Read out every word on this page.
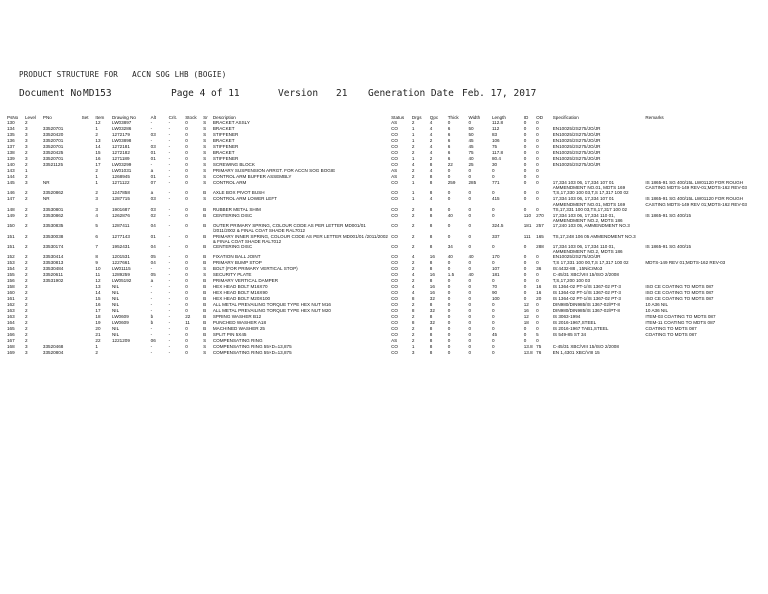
PRODUCT STRUCTURE FOR   ACCN SOG LHB (BOGIE)
Document No MD153	Page 4 of 11	Version 21 Generation Date Feb. 17, 2017
PsNo	Level	PNo	Set	Item	Drawing No	Alt	Crit.	Stock	Sr	Description	Status	Drgs	Qpc	Thick	Width	Length	ID	OD	Specification	Remarks
130	2			12	LW03897	-	-	0	S	BRACKET ASSLY	AS	2	4	0	0	112.8	0	0		
134	3	33520701		1	LW03286	-	-	0	S	BRACKET	CO	1	4	6	50	112	0	0	EN10025/2S275/JO/JR	
135	3	33520420		2	1272179	03	-	0	S	STIFFENER	CO	1	4	6	50	83	0	0	EN10025/2S275/JO/JR	
136	3	33520701		13	LW03898	-	-	0	S	BRACKET	CO	1	2	6	45	106	0	0	EN10025/2S275/JO/JR	
137	3	33520701		14	1272181	03	-	0	S	STIFFENER	CO	2	4	6	45	75	0	0	EN10025/2S275/JO/JR	
138	2	33520425		15	1272182	01	-	0	S	BRACKET	CO	2	4	6	75	117.8	0	0	EN10025/2S275/JO/JR	
139	3	33520701		16	1271189	01	-	0	S	STIFFENER	CO	1	2	6	40	80.4	0	0	EN10025/2S275/JO/JR	
140	2	33521125		17	LW03299	-	-	0	S	SCREWING BLOCK	CO	4	8	22	25	30	0	0	EN10025/2S275/JO/JR	
143	1			2	LW01031	a	-	0	S	PRIMARY SUSPENSION ARRGT. FOR ACCN SOG BOGIE	AS	2	4	0	0	0	0	0		
144	2			1	1268945	01	-	0	S	CONTROL ARM BUFFER ASSEMBLY	AS	2	8	0	0	0	0	0		
145	3	NR		1	1271122	07	-	0	S	CONTROL ARM	CO	1	8	259	285	771	0	0	17,334 103 06, 17,334 107 01 AMMENDMENT NO.01, MDTS 169	IS 1865-91 SG 400/15L LW01120 FOR ROUGH CASTING MDTS-149 REV-01;MDTS-162 REV-03
146	2	33520862		2	1247858	a	-	0	B	AXLE BOX PIVOT BUSH	CO	1	8	0	0	0	0	0	T,S,17,330 100 03,T,S 17,317 100 02	
147	2	NR		3	1287715	03	-	0	S	CONTROL ARM LOWER LEFT	CO	1	4	0	0	415	0	0	17,334 103 06, 17,334 107 01 AMMENDMENT NO.01, MDTS 169	IS 1865-91 SG 400/15L LW01120 FOR ROUGH CASTING MDTS-149 REV 01;MDTS-162 REV-03
148	2	33530801		3	1901687	03	-	0	B	RUBBER METAL SHIM	CO	2	8	0	0	0	0	0	TS,17,331 100 03,TS,17,317 100 02	
149	2	33530862		4	1262876	02	-	0	B	CENTERING DISC	CO	2	8	40	0	0	110	270	17,334 103 06, 17,334 110 01, AMMENDMENT NO.2, MDTS 186	IS 1865-91 SG 400/15
150	2	33530835		5	1287411	04	-	0	B	OUTER PRIMARY SPRING, COLOUR CODE AS PER LETTER MD001/01 /2011/2002 & FINAL COAT SHADE RAL7012	CO	2	8	0	0	324.5	181	257	17,240 103 05, AMMENDMENT NO.3	
151	2	33530038		6	1277143	01	-	0	B	PRIMARY INNER SPRING, COLOUR CODE AS PER LETTER MD001/01 /2011/2002 & FINAL COAT SHADE RAL7012	CO	2	8	0	0	337	111	165	TS,17,248 106 05 AMMENDMENT NO.3	
151	2	33530174		7	1952431	04	-	0	B	CENTERING DISC	CO	2	8	34	0	0	0	288	17,334 103 06, 17,334 110 01, AMMENDMENT NO.2, MDTS 186	IS 1865-91 SG 400/15
152	2	33530414		8	1201531	05	-	0	B	FIXATION BALL JOINT	CO	4	16	40	40	170	0	0	EN10025/2S275/JO/JR	
153	2	33530813		9	1227661	04	-	0	B	PRIMARY BUMP STOP	CO	2	8	0	0	0	0	0	T,S 17,331 100 00,T,S 17,317 100 02	MDTS-149 REV 01;MDTS-162 REV-03
154	2	33530484		10	LW01115	-	-	0	S	BOLT (FOR PRIMARY VERTICAL STOP)	CO	2	8	0	0	107	0	36	IS:4432-88 , 15NiCrMo3	
155	2	33520611		11	1289259	05	-	0	S	SECURITY PLATE	CO	4	16	1.5	40	181	0	0	C-45/31 XBC/VIII 15/ISO 2/2008	
156	2	33531902		12	LW05192	a	-	0	B	PRIMARY VERTICAL DAMPER	CO	2	8	0	0	0	0	0	T,S,17,200 100 03	
158	2			13	NIL	-	-	0	B	HEX HEAD BOLT M16X70	CO	4	16	0	0	70	0	16	IS 1364-02 PT-1/IS 1367-02 PT-3	ISO CE COATING TO MDTS 087
160	2			14	NIL	-	-	0	B	HEX HEAD BOLT M16X90	CO	4	16	0	0	90	0	16	IS 1364-02 PT-1/IS 1367-02 PT-3	ISO CE COATING TO MDTS 087
161	2			15	NIL	-	-	0	B	HEX HEAD BOLT M20X100	CO	8	32	0	0	100	0	20	IS 1364-02 PT-1/IS 1367-02 PT-3	ISO CE COATING TO MDTS 087
162	2			16	NIL	-	-	0	B	ALL METAL PREVAILING TORQUE TYPE HEX NUT M16	CO	2	8	0	0	0	12	0	DIN980/DIN985/IS 1367-02/PT-8	10 A36 NIL
163	2			17	NIL	-	-	0	B	ALL METAL PREVAILING TORQUE TYPE HEX NUT M20	CO	8	32	0	0	0	16	0	DIN980/DIN985/IS 1367-02/PT-8	10 A36 NIL
163	2			18	LW0609	b	-	22	B	SPRING WASHER B12	CO	2	8	0	0	0	12	0	IS 3063-1994	ITEM-03 COATING TO MDTS 087
164	2			19	LW0609	b	-	11	B	PUNCHED WASHER A18	CO	8	32	0	0	0	18	0	IS 2016-1967,STEEL	ITEM-11 COATING TO MDTS 087
165	2			20	NIL	-	-	0	B	MACHINED WASHER 25	CO	2	8	0	0	0	0	0	IS 2016-1967 TAB1,STEEL	COATING TO MDTS 087
166	2			21	NIL	-	-	0	B	SPLIT PIN 5X45	CO	2	8	0	0	45	0	5	IS 549-85 ST 34	COATING TO MDTS 087
167	2			22	1221209	06	-	0	S	COMPENSATING RING	AS	2	8	0	0	0	0	0		
168	3	33520468		1		-	-	0	S	COMPENSATING RING 55×D=13,875	CO	1	8	0	0	0	13.8	75	C-45/31 XBC/VIII 15/ISO 2/2008	
169	3	33520804		2		-	-	0	S	COMPENSATING RING 55×D=13,875	CO	3	8	0	0	0	13.8	76	EN 1,4301 XBC/VIII 15	
